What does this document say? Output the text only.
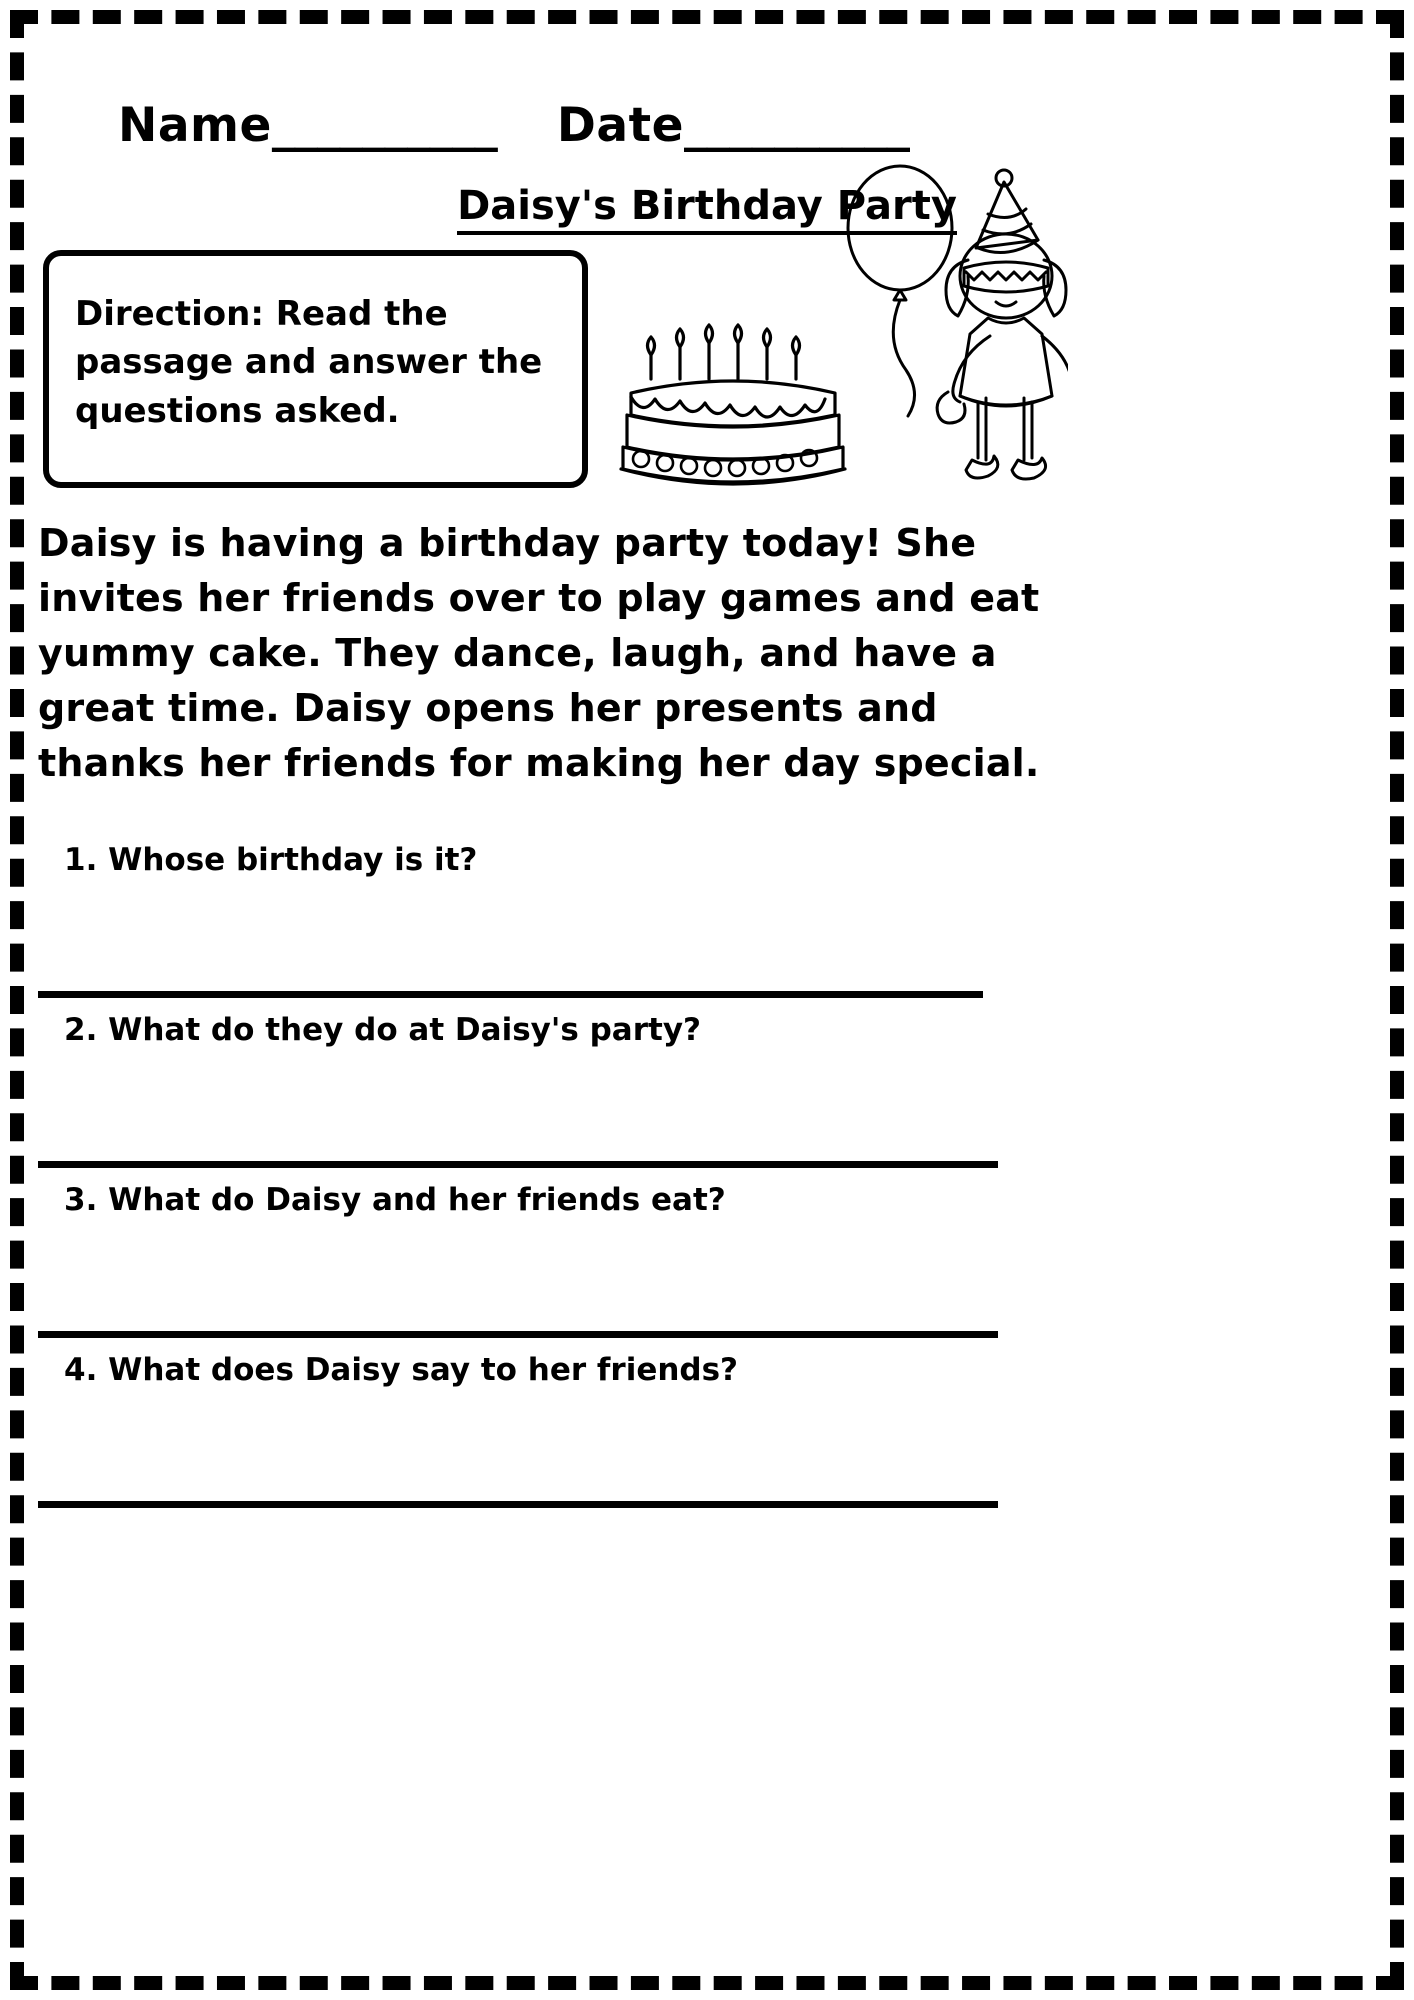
Name __________ Date __________
Daisy's Birthday Party
Direction: Read the passage and answer the questions asked.
Daisy is having a birthday party today! She invites her friends over to play games and eat yummy cake. They dance, laugh, and have a great time. Daisy opens her presents and thanks her friends for making her day special.
1. Whose birthday is it?
2. What do they do at Daisy's party?
3. What do Daisy and her friends eat?
4. What does Daisy say to her friends?
